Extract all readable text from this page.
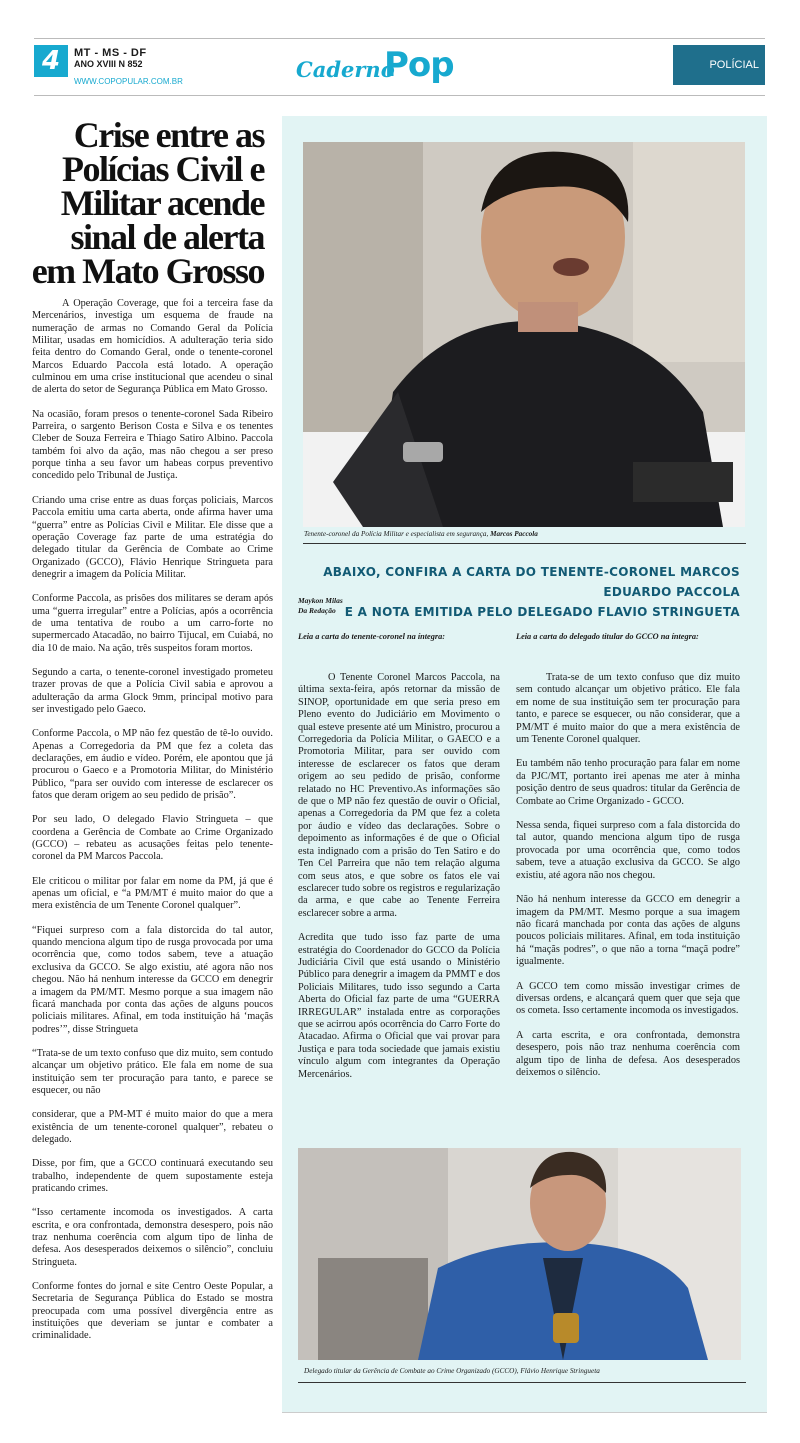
4	MT - MS - DF
ANO XVIII N 852
WWW.COPOPULAR.COM.BR	Caderno
Pop	POLÍCIAL
Crise entre as Polícias Civil e Militar acende sinal de alerta em Mato Grosso

A Operação Coverage, que foi a terceira fase da Mercenários, investiga um esquema de fraude na numeração de armas no Comando Geral da Polícia Militar, usadas em homicídios. A adulteração teria sido feita dentro do Comando Geral, onde o tenente-coronel Marcos Eduardo Paccola está lotado. A operação culminou em uma crise institucional que acendeu o sinal de alerta do setor de Segurança Pública em Mato Grosso.

Na ocasião, foram presos o tenente-coronel Sada Ribeiro Parreira, o sargento Berison Costa e Silva e os tenentes Cleber de Souza Ferreira e Thiago Satiro Albino. Paccola também foi alvo da ação, mas não chegou a ser preso porque tinha a seu favor um habeas corpus preventivo concedido pelo Tribunal de Justiça.

Criando uma crise entre as duas forças policiais, Marcos Paccola emitiu uma carta aberta, onde afirma haver uma “guerra” entre as Polícias Civil e Militar. Ele disse que a operação Coverage faz parte de uma estratégia do delegado titular da Gerência de Combate ao Crime Organizado (GCCO), Flávio Henrique Stringueta para denegrir a imagem da Polícia Militar.

Conforme Paccola, as prisões dos militares se deram após uma “guerra irregular” entre a Polícias, após a ocorrência de uma tentativa de roubo a um carro-forte no supermercado Atacadão, no bairro Tijucal, em Cuiabá, no dia 10 de maio. Na ação, três suspeitos foram mortos.

Segundo a carta, o tenente-coronel investigado prometeu trazer provas de que a Polícia Civil sabia e aprovou a adulteração da arma Glock 9mm, principal motivo para ser investigado pelo Gaeco.

Conforme Paccola, o MP não fez questão de tê-lo ouvido. Apenas a Corregedoria da PM que fez a coleta das declarações, em áudio e vídeo. Porém, ele apontou que já procurou o Gaeco e a Promotoria Militar, do Ministério Público, “para ser ouvido com interesse de esclarecer os fatos que deram origem ao seu pedido de prisão”.

Por seu lado, O delegado Flavio Stringueta – que coordena a Gerência de Combate ao Crime Organizado (GCCO) – rebateu as acusações feitas pelo tenente-coronel da PM Marcos Paccola.

Ele criticou o militar por falar em nome da PM, já que é apenas um oficial, e “a PM/MT é muito maior do que a mera existência de um Tenente Coronel qualquer”.

“Fiquei surpreso com a fala distorcida do tal autor, quando menciona algum tipo de rusga provocada por uma ocorrência que, como todos sabem, teve a atuação exclusiva da GCCO. Se algo existiu, até agora não nos chegou. Não há nenhum interesse da GCCO em denegrir a imagem da PM/MT. Mesmo porque a sua imagem não ficará manchada por conta das ações de alguns poucos policiais militares. Afinal, em toda instituição há ‘maçãs podres’”, disse Stringueta

“Trata-se de um texto confuso que diz muito, sem contudo alcançar um objetivo prático. Ele fala em nome de sua instituição sem ter procuração para tanto, e parece se esquecer, ou não

considerar, que a PM-MT é muito maior do que a mera existência de um tenente-coronel qualquer”, rebateu o delegado.

Disse, por fim, que a GCCO continuará executando seu trabalho, independente de quem supostamente esteja praticando crimes.

“Isso certamente incomoda os investigados. A carta escrita, e ora confrontada, demonstra desespero, pois não traz nenhuma coerência com algum tipo de linha de defesa. Aos desesperados deixemos o silêncio”, concluiu Stringueta.

Conforme fontes do jornal e site Centro Oeste Popular, a Secretaria de Segurança Pública do Estado se mostra preocupada com uma possível divergência entre as instituições que deveriam se juntar e combater a criminalidade.

Tenente-coronel da Polícia Militar e especialista em segurança, Marcos Paccola
ABAIXO, CONFIRA A CARTA DO TENENTE-CORONEL MARCOS EDUARDO PACCOLA
E A NOTA EMITIDA PELO DELEGADO FLAVIO STRINGUETA
Maykon Milas
Da Redação
Leia a carta do tenente-coronel na íntegra:	Leia a carta do delegado titular do GCCO na íntegra:

O Tenente Coronel Marcos Paccola, na última sexta-feira, após retornar da missão de SINOP, oportunidade em que seria preso em Pleno evento do Judiciário em Movimento o qual esteve presente até um Ministro, procurou a Corregedoria da Polícia Militar, o GAECO e a Promotoria Militar, para ser ouvido com interesse de esclarecer os fatos que deram origem ao seu pedido de prisão, conforme relatado no HC Preventivo.As informações são de que o MP não fez questão de ouvir o Oficial, apenas a Corregedoria da PM que fez a coleta por áudio e vídeo das declarações. Sobre o depoimento as informações é de que o Oficial esta indignado com a prisão do Ten Satiro e do Ten Cel Parreira que não tem relação alguma com seus atos, e que sobre os fatos ele vai esclarecer tudo sobre os registros e regularização da arma, e que cabe ao Tenente Ferreira esclarecer sobre a arma.

Acredita que tudo isso faz parte de uma estratégia do Coordenador do GCCO da Polícia Judiciária Civil que está usando o Ministério Público para denegrir a imagem da PMMT e dos Policiais Militares, tudo isso segundo a Carta Aberta do Oficial faz parte de uma “GUERRA IRREGULAR” instalada entre as corporações que se acirrou após ocorrência do Carro Forte do Atacadao. Afirma o Oficial que vai provar para Justiça e para toda sociedade que jamais existiu vínculo algum com integrantes da Operação Mercenários.

Trata-se de um texto confuso que diz muito sem contudo alcançar um objetivo prático. Ele fala em nome de sua instituição sem ter procuração para tanto, e parece se esquecer, ou não considerar, que a PM/MT é muito maior do que a mera existência de um Tenente Coronel qualquer.

Eu também não tenho procuração para falar em nome da PJC/MT, portanto irei apenas me ater à minha posição dentro de seus quadros: titular da Gerência de Combate ao Crime Organizado - GCCO.

Nessa senda, fiquei surpreso com a fala distorcida do tal autor, quando menciona algum tipo de rusga provocada por uma ocorrência que, como todos sabem, teve a atuação exclusiva da GCCO. Se algo existiu, até agora não nos chegou.

Não há nenhum interesse da GCCO em denegrir a imagem da PM/MT. Mesmo porque a sua imagem não ficará manchada por conta das ações de alguns poucos policiais militares. Afinal, em toda instituição há “maçãs podres”, o que não a torna “maçã podre” igualmente.

A GCCO tem como missão investigar crimes de diversas ordens, e alcançará quem quer que seja que os cometa. Isso certamente incomoda os investigados.

A carta escrita, e ora confrontada, demonstra desespero, pois não traz nenhuma coerência com algum tipo de linha de defesa. Aos desesperados deixemos o silêncio.

Delegado titular da Gerência de Combate ao Crime Organizado (GCCO), Flávio Henrique Stringueta
